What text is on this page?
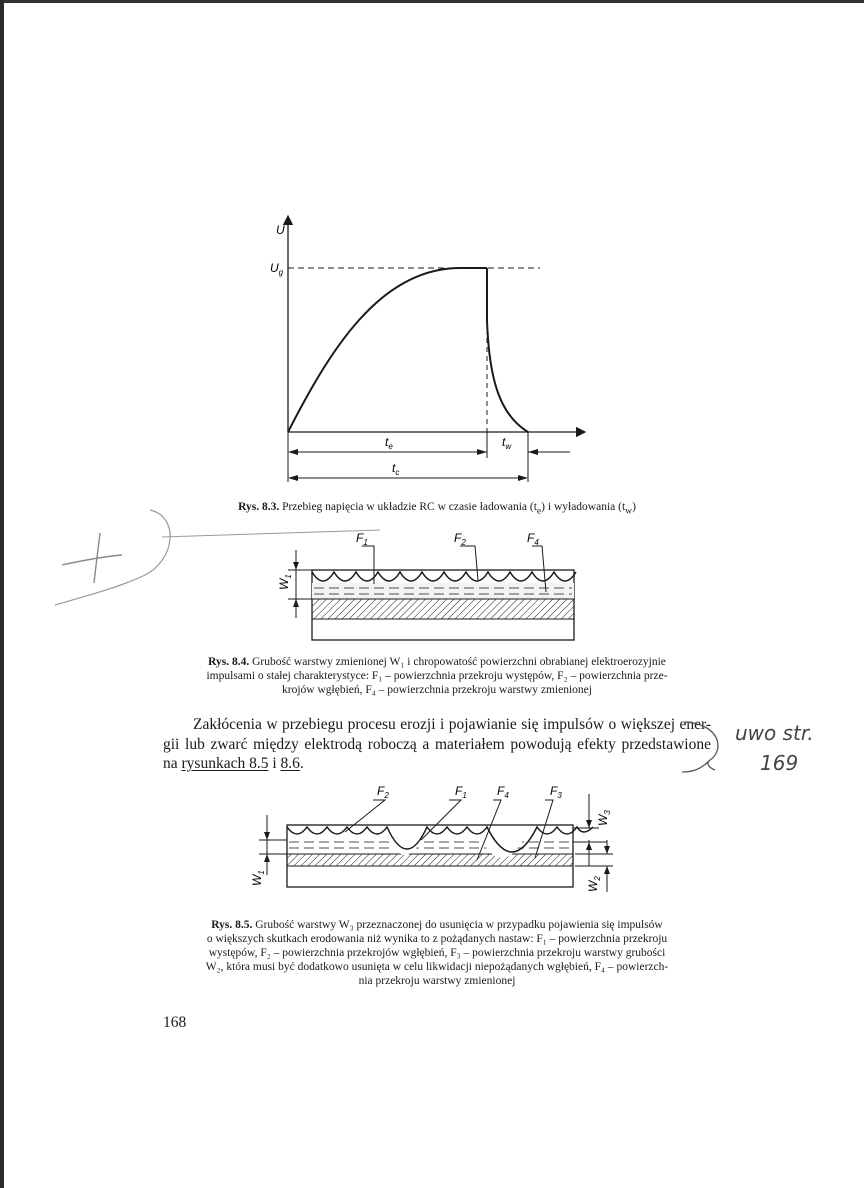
U
$U_g$
$t_e$	$t_w$
$t_c$
Rys. 8.3. Przebieg napięcia w układzie RC w czasie ładowania $(t_e)$ i wyładowania $(t_w)$
$F_1$	$F_2$	$F_4$
$W_1$
Rys. 8.4. Grubość warstwy zmienionej W₁ i chropowatość powierzchni obrabianej elektroerozyjnie
impulsami o stałej charakterystyce: F₁ – powierzchnia przekroju występów, F₂ – powierzchnia prze-
krojów wgłębień, F₄ – powierzchnia przekroju warstwy zmienionej
Zakłócenia w przebiegu procesu erozji i pojawianie się impulsów o większej ener-gii lub zwarć między elektrodą roboczą a materiałem powodują efekty przedstawione na rysunkach 8.5 i 8.6.
uwo str.
169
$F_2$	$F_1$	$F_4$	$F_3$
$W_3$
$W_1$
$W_2$
Rys. 8.5. Grubość warstwy W₃ przeznaczonej do usunięcia w przypadku pojawienia się impulsów
o większych skutkach erodowania niż wynika to z pożądanych nastaw: F₁ – powierzchnia przekroju
występów, F₂ – powierzchnia przekrojów wgłębień, F₃ – powierzchnia przekroju warstwy grubości
W₂, która musi być dodatkowo usunięta w celu likwidacji niepożądanych wgłębień, F₄ – powierzch-
nia przekroju warstwy zmienionej
168
